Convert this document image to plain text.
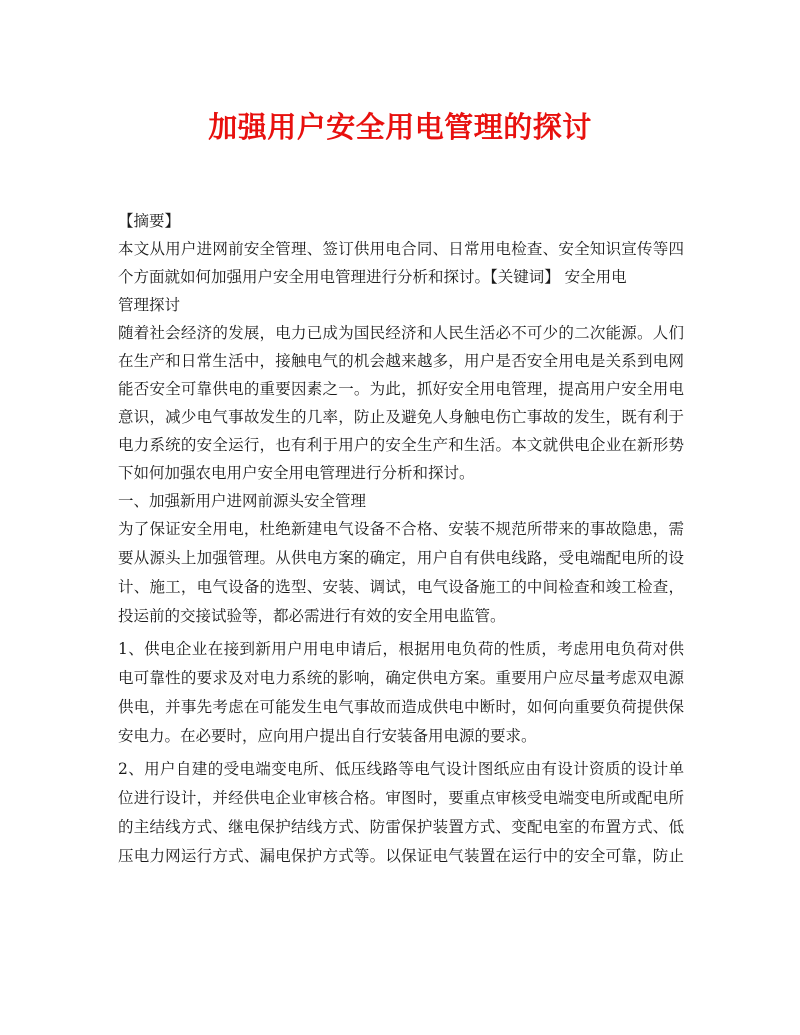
加强用户安全用电管理的探讨
【摘要】
本文从用户进网前安全管理、签订供用电合同、日常用电检查、安全知识宣传等四
个方面就如何加强用户安全用电管理进行分析和探讨。【关键词】 安全用电
管理探讨
随着社会经济的发展，电力已成为国民经济和人民生活必不可少的二次能源。人们
在生产和日常生活中，接触电气的机会越来越多，用户是否安全用电是关系到电网
能否安全可靠供电的重要因素之一。为此，抓好安全用电管理，提高用户安全用电
意识，减少电气事故发生的几率，防止及避免人身触电伤亡事故的发生，既有利于
电力系统的安全运行，也有利于用户的安全生产和生活。本文就供电企业在新形势
下如何加强农电用户安全用电管理进行分析和探讨。
一、加强新用户进网前源头安全管理
为了保证安全用电，杜绝新建电气设备不合格、安装不规范所带来的事故隐患，需
要从源头上加强管理。从供电方案的确定，用户自有供电线路，受电端配电所的设
计、施工，电气设备的选型、安装、调试，电气设备施工的中间检查和竣工检查，
投运前的交接试验等，都必需进行有效的安全用电监管。
1、供电企业在接到新用户用电申请后，根据用电负荷的性质，考虑用电负荷对供
电可靠性的要求及对电力系统的影响，确定供电方案。重要用户应尽量考虑双电源
供电，并事先考虑在可能发生电气事故而造成供电中断时，如何向重要负荷提供保
安电力。在必要时，应向用户提出自行安装备用电源的要求。
2、用户自建的受电端变电所、低压线路等电气设计图纸应由有设计资质的设计单
位进行设计，并经供电企业审核合格。审图时，要重点审核受电端变电所或配电所
的主结线方式、继电保护结线方式、防雷保护装置方式、变配电室的布置方式、低
压电力网运行方式、漏电保护方式等。以保证电气装置在运行中的安全可靠，防止
